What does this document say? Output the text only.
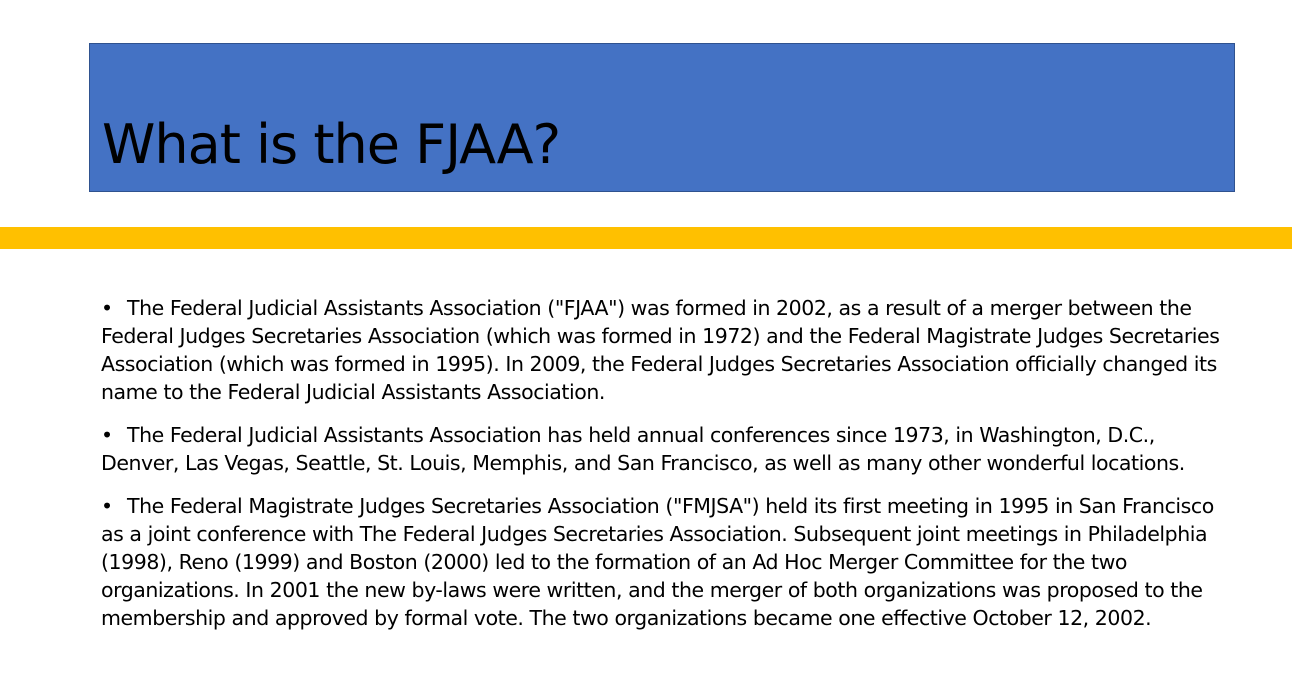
What is the FJAA?
• The Federal Judicial Assistants Association ("FJAA") was formed in 2002, as a result of a merger between the Federal Judges Secretaries Association (which was formed in 1972) and the Federal Magistrate Judges Secretaries Association (which was formed in 1995). In 2009, the Federal Judges Secretaries Association officially changed its name to the Federal Judicial Assistants Association.
• The Federal Judicial Assistants Association has held annual conferences since 1973, in Washington, D.C., Denver, Las Vegas, Seattle, St. Louis, Memphis, and San Francisco, as well as many other wonderful locations.
• The Federal Magistrate Judges Secretaries Association ("FMJSA") held its first meeting in 1995 in San Francisco as a joint conference with The Federal Judges Secretaries Association. Subsequent joint meetings in Philadelphia (1998), Reno (1999) and Boston (2000) led to the formation of an Ad Hoc Merger Committee for the two organizations. In 2001 the new by-laws were written, and the merger of both organizations was proposed to the membership and approved by formal vote. The two organizations became one effective October 12, 2002.
